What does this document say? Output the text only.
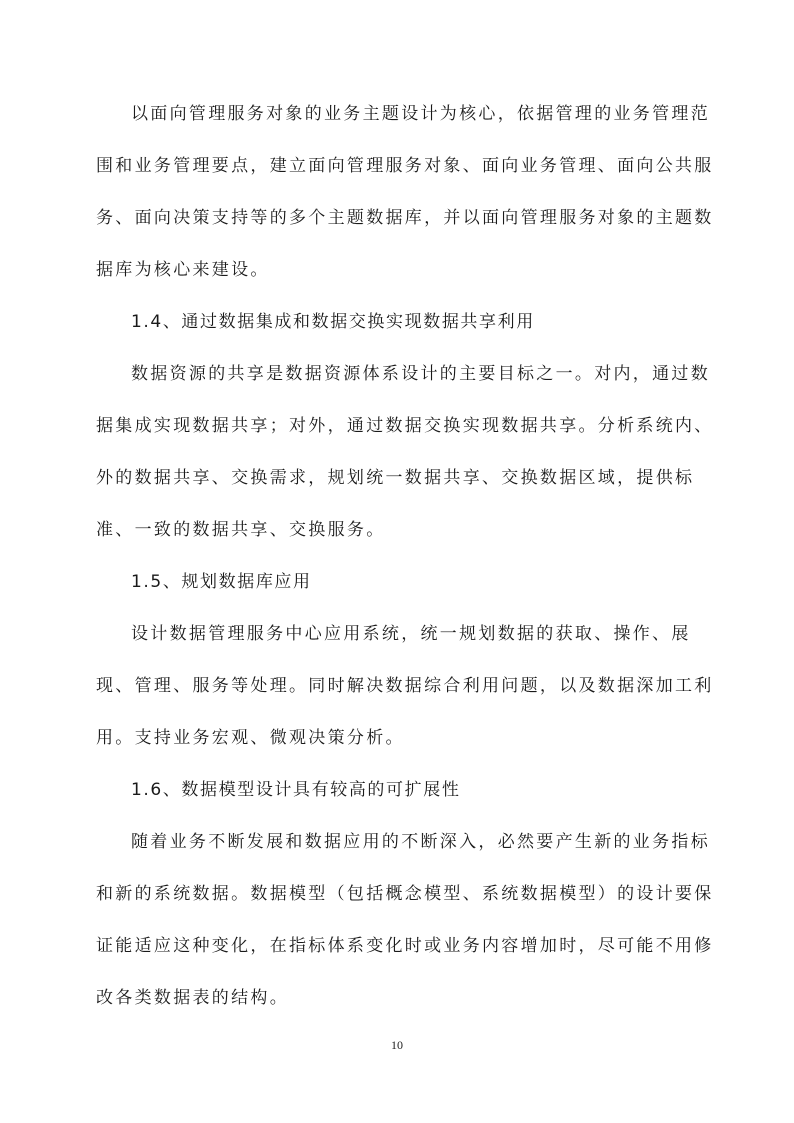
以面向管理服务对象的业务主题设计为核心，依据管理的业务管理范
围和业务管理要点，建立面向管理服务对象、面向业务管理、面向公共服
务、面向决策支持等的多个主题数据库，并以面向管理服务对象的主题数
据库为核心来建设。
1.4、通过数据集成和数据交换实现数据共享利用
数据资源的共享是数据资源体系设计的主要目标之一。对内，通过数
据集成实现数据共享；对外，通过数据交换实现数据共享。分析系统内、
外的数据共享、交换需求，规划统一数据共享、交换数据区域，提供标
准、一致的数据共享、交换服务。
1.5、规划数据库应用
设计数据管理服务中心应用系统，统一规划数据的获取、操作、展
现、管理、服务等处理。同时解决数据综合利用问题，以及数据深加工利
用。支持业务宏观、微观决策分析。
1.6、数据模型设计具有较高的可扩展性
随着业务不断发展和数据应用的不断深入，必然要产生新的业务指标
和新的系统数据。数据模型（包括概念模型、系统数据模型）的设计要保
证能适应这种变化，在指标体系变化时或业务内容增加时，尽可能不用修
改各类数据表的结构。
10
